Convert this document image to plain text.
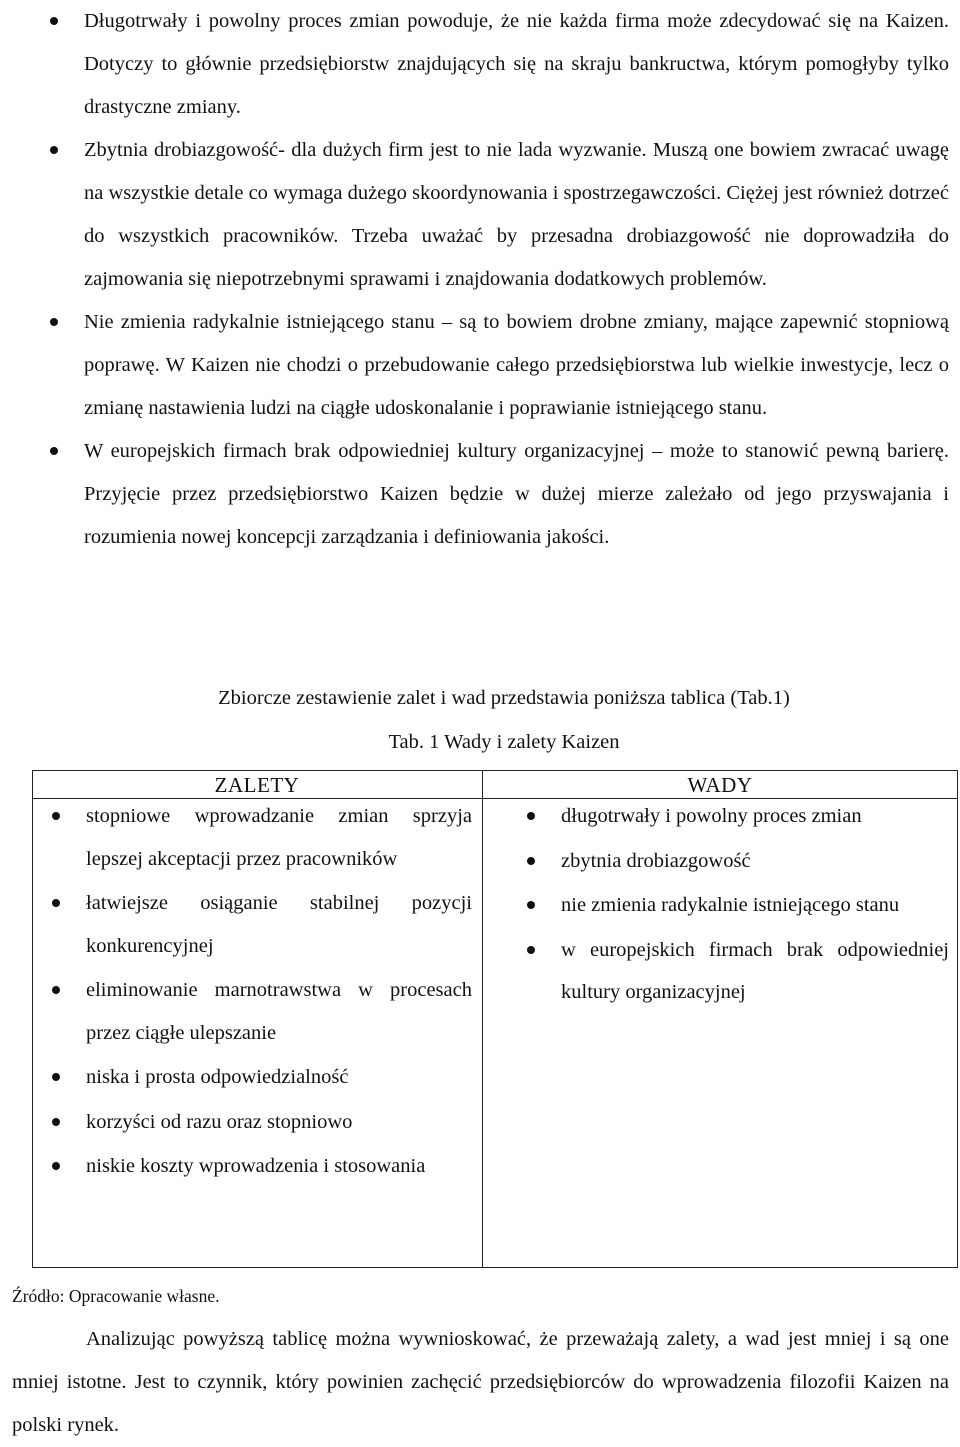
Długotrwały i powolny proces zmian powoduje, że nie każda firma może zdecydować się na Kaizen. Dotyczy to głównie przedsiębiorstw znajdujących się na skraju bankructwa, którym pomogłyby tylko drastyczne zmiany.
Zbytnia drobiazgowość- dla dużych firm jest to nie lada wyzwanie. Muszą one bowiem zwracać uwagę na wszystkie detale co wymaga dużego skoordynowania i spostrzegawczości. Ciężej jest również dotrzeć do wszystkich pracowników. Trzeba uważać by przesadna drobiazgowość nie doprowadziła do zajmowania się niepotrzebnymi sprawami i znajdowania dodatkowych problemów.
Nie zmienia radykalnie istniejącego stanu – są to bowiem drobne zmiany, mające zapewnić stopniową poprawę. W Kaizen nie chodzi o przebudowanie całego przedsiębiorstwa lub wielkie inwestycje, lecz o zmianę nastawienia ludzi na ciągłe udoskonalanie i poprawianie istniejącego stanu.
W europejskich firmach brak odpowiedniej kultury organizacyjnej – może to stanowić pewną barierę. Przyjęcie przez przedsiębiorstwo Kaizen będzie w dużej mierze zależało od jego przyswajania i rozumienia nowej koncepcji zarządzania i definiowania jakości.
Zbiorcze zestawienie zalet i wad przedstawia poniższa tablica (Tab.1)
Tab. 1 Wady i zalety Kaizen
ZALETY	WADY
stopniowe wprowadzanie zmian sprzyja lepszej akceptacji przez pracowników
łatwiejsze osiąganie stabilnej pozycji konkurencyjnej
eliminowanie marnotrawstwa w procesach przez ciągłe ulepszanie
niska i prosta odpowiedzialność
korzyści od razu oraz stopniowo
niskie koszty wprowadzenia i stosowania
długotrwały i powolny proces zmian
zbytnia drobiazgowość
nie zmienia radykalnie istniejącego stanu
w europejskich firmach brak odpowiedniej kultury organizacyjnej
Źródło: Opracowanie własne.

Analizując powyższą tablicę można wywnioskować, że przeważają zalety, a wad jest mniej i są one mniej istotne. Jest to czynnik, który powinien zachęcić przedsiębiorców do wprowadzenia filozofii Kaizen na polski rynek.
